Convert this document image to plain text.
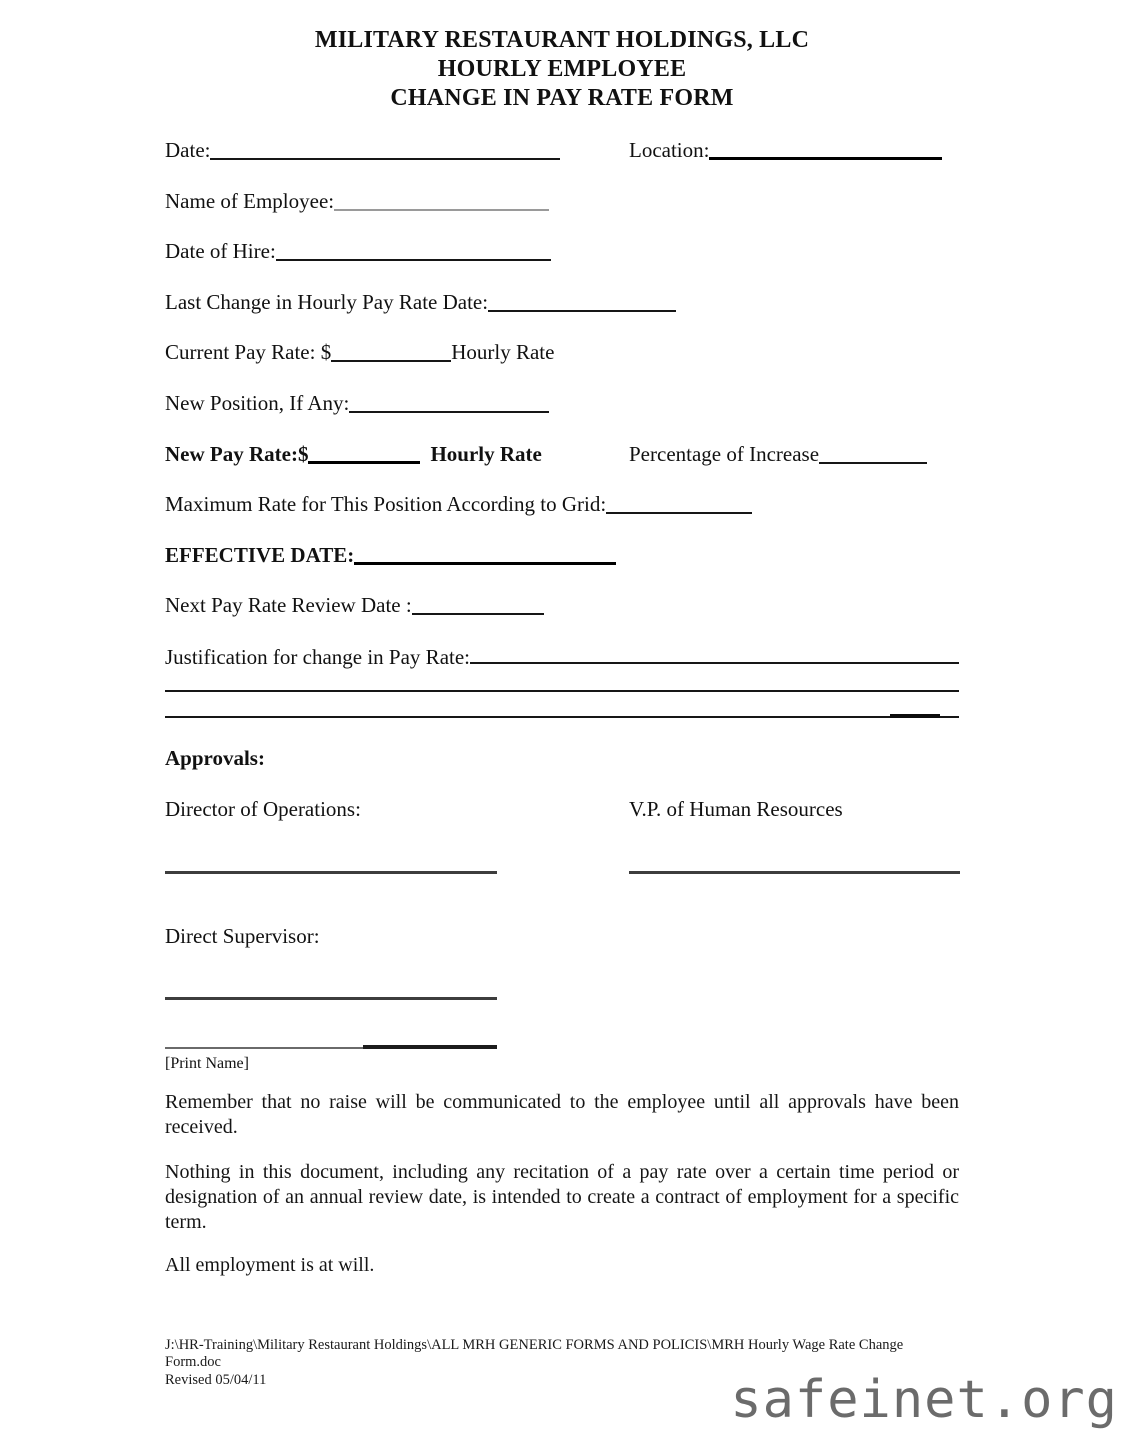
MILITARY RESTAURANT HOLDINGS, LLC
HOURLY EMPLOYEE
CHANGE IN PAY RATE FORM
Date:	Location:
Name of Employee:
Date of Hire:
Last Change in Hourly Pay Rate Date:
Current Pay Rate: $	Hourly Rate
New Position, If Any:
New Pay Rate:$	Hourly Rate	Percentage of Increase
Maximum Rate for This Position According to Grid:
EFFECTIVE DATE:
Next Pay Rate Review Date :
Justification for change in Pay Rate:
Approvals:
Director of Operations:	V.P. of Human Resources
Direct Supervisor:
[Print Name]
Remember that no raise will be communicated to the employee until all approvals have been received.
Nothing in this document, including any recitation of a pay rate over a certain time period or designation of an annual review date, is intended to create a contract of employment for a specific term.
All employment is at will.
J:\HR-Training\Military Restaurant Holdings\ALL MRH GENERIC FORMS AND POLICIS\MRH Hourly Wage Rate Change Form.doc
Revised 05/04/11	safeinet.org
